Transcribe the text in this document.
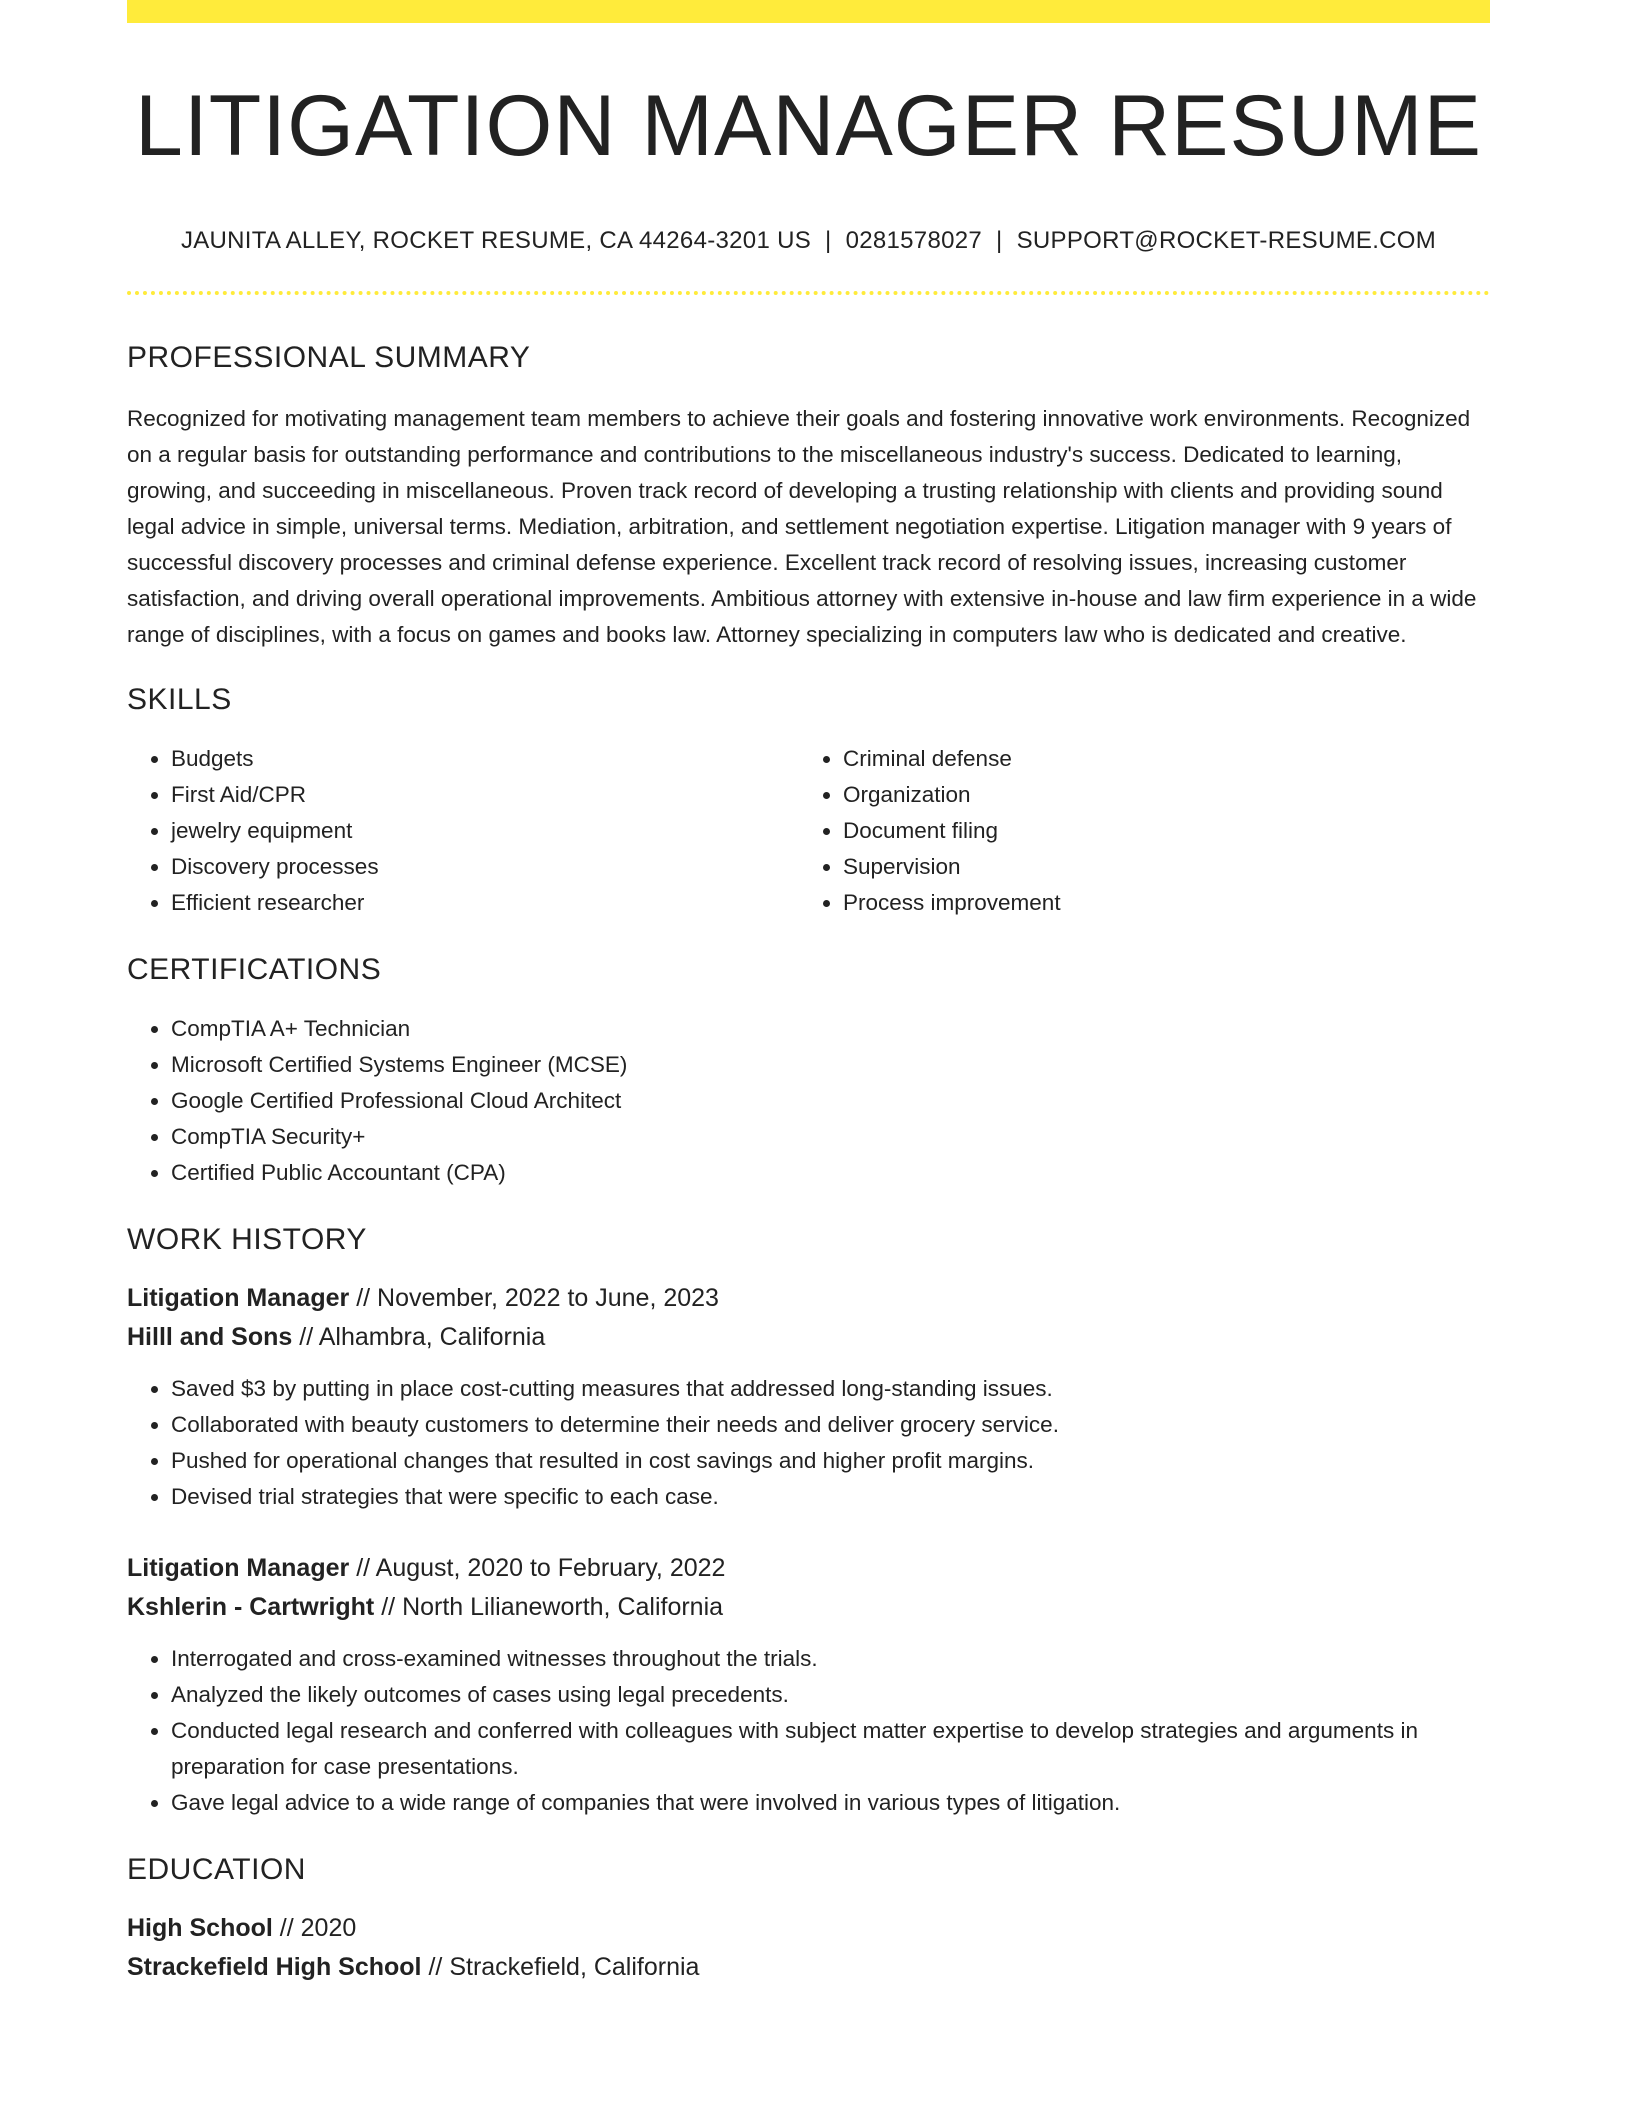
LITIGATION MANAGER RESUME
JAUNITA ALLEY, ROCKET RESUME, CA 44264-3201 US | 0281578027 | SUPPORT@ROCKET-RESUME.COM
PROFESSIONAL SUMMARY

Recognized for motivating management team members to achieve their goals and fostering innovative work environments. Recognized on a regular basis for outstanding performance and contributions to the miscellaneous industry's success. Dedicated to learning, growing, and succeeding in miscellaneous. Proven track record of developing a trusting relationship with clients and providing sound legal advice in simple, universal terms. Mediation, arbitration, and settlement negotiation expertise. Litigation manager with 9 years of successful discovery processes and criminal defense experience. Excellent track record of resolving issues, increasing customer satisfaction, and driving overall operational improvements. Ambitious attorney with extensive in-house and law firm experience in a wide range of disciplines, with a focus on games and books law. Attorney specializing in computers law who is dedicated and creative.

SKILLS
• Budgets
• First Aid/CPR
• jewelry equipment
• Discovery processes
• Efficient researcher
• Criminal defense
• Organization
• Document filing
• Supervision
• Process improvement
CERTIFICATIONS
• CompTIA A+ Technician
• Microsoft Certified Systems Engineer (MCSE)
• Google Certified Professional Cloud Architect
• CompTIA Security+
• Certified Public Accountant (CPA)
WORK HISTORY
Litigation Manager // November, 2022 to June, 2023
Hilll and Sons // Alhambra, California
• Saved $3 by putting in place cost-cutting measures that addressed long-standing issues.
• Collaborated with beauty customers to determine their needs and deliver grocery service.
• Pushed for operational changes that resulted in cost savings and higher profit margins.
• Devised trial strategies that were specific to each case.
Litigation Manager // August, 2020 to February, 2022
Kshlerin - Cartwright // North Lilianeworth, California
• Interrogated and cross-examined witnesses throughout the trials.
• Analyzed the likely outcomes of cases using legal precedents.
• Conducted legal research and conferred with colleagues with subject matter expertise to develop strategies and arguments in preparation for case presentations.
• Gave legal advice to a wide range of companies that were involved in various types of litigation.
EDUCATION
High School // 2020
Strackefield High School // Strackefield, California
